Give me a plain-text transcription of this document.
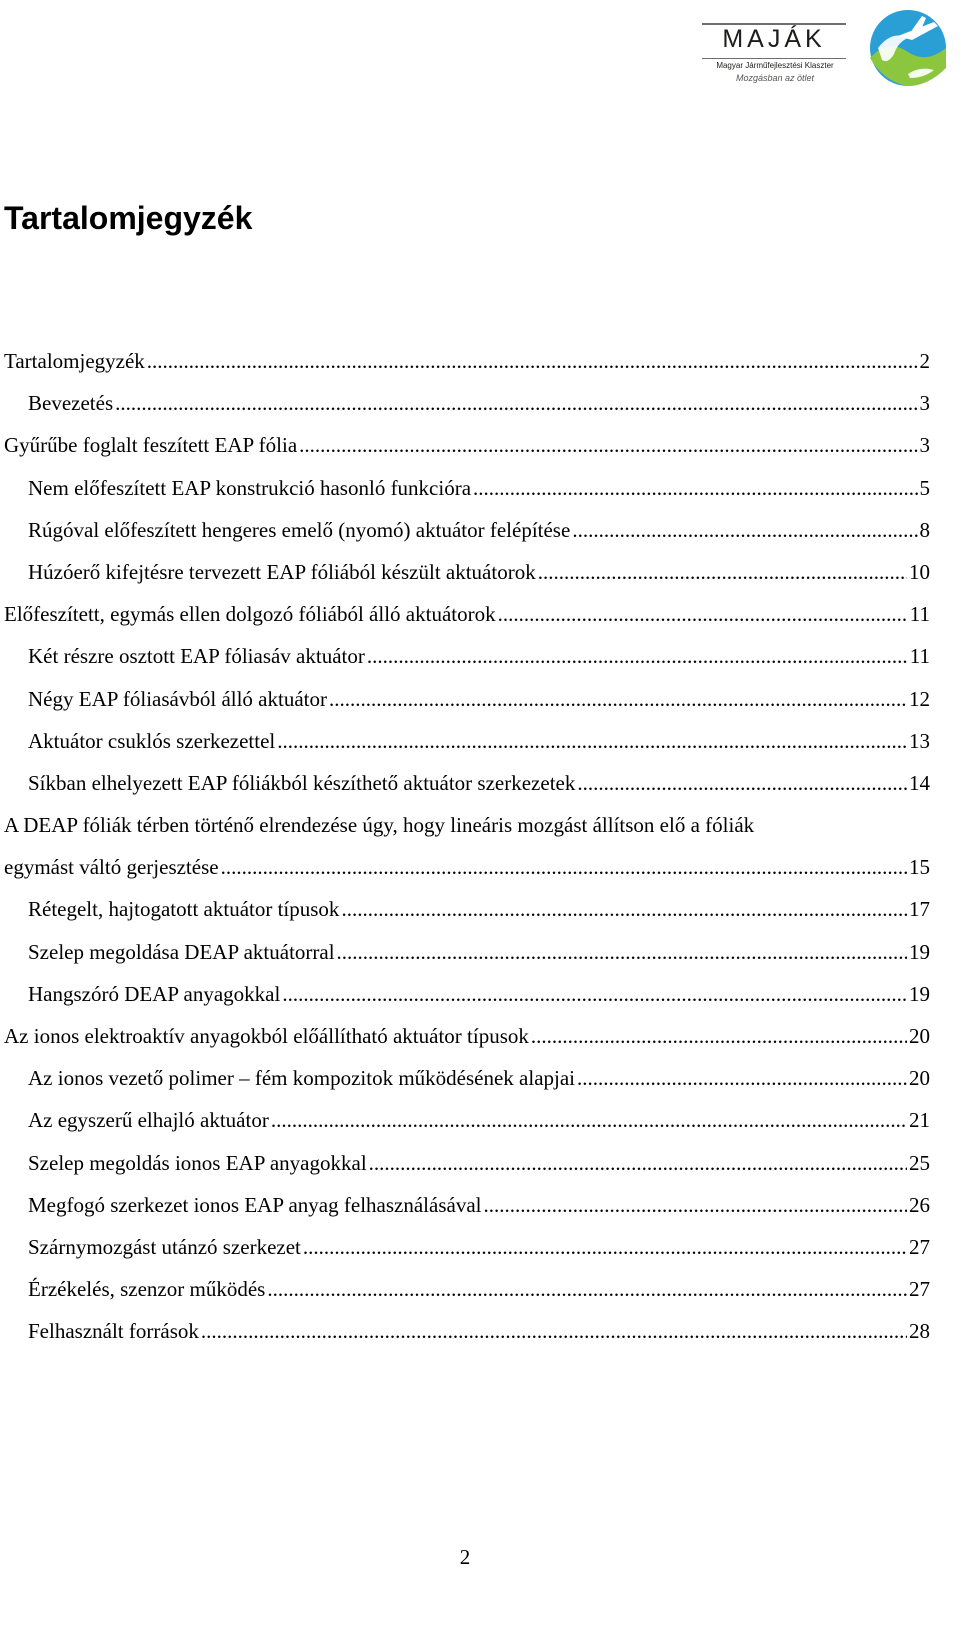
MAJÁK
Magyar Járműfejlesztési Klaszter
Mozgásban az ötlet
Tartalomjegyzék
Tartalomjegyzék .....	2
Bevezetés .....	3
Gyűrűbe foglalt feszített EAP fólia .....	3
Nem előfeszített EAP konstrukció hasonló funkcióra .....	5
Rúgóval előfeszített hengeres emelő (nyomó) aktuátor felépítése .....	8
Húzóerő kifejtésre tervezett EAP fóliából készült aktuátorok .....	10
Előfeszített, egymás ellen dolgozó fóliából álló aktuátorok .....	11
Két részre osztott EAP fóliasáv aktuátor .....	11
Négy EAP fóliasávból álló aktuátor .....	12
Aktuátor csuklós szerkezettel .....	13
Síkban elhelyezett EAP fóliákból készíthető aktuátor szerkezetek .....	14
A DEAP fóliák térben történő elrendezése úgy, hogy lineáris mozgást állítson elő a fóliák
egymást váltó gerjesztése .....	15
Rétegelt, hajtogatott aktuátor típusok .....	17
Szelep megoldása DEAP aktuátorral .....	19
Hangszóró DEAP anyagokkal .....	19
Az ionos elektroaktív anyagokból előállítható aktuátor típusok .....	20
Az ionos vezető polimer – fém kompozitok működésének alapjai .....	20
Az egyszerű elhajló aktuátor .....	21
Szelep megoldás ionos EAP anyagokkal .....	25
Megfogó szerkezet ionos EAP anyag felhasználásával .....	26
Szárnymozgást utánzó szerkezet .....	27
Érzékelés, szenzor működés .....	27
Felhasznált források .....	28
2
